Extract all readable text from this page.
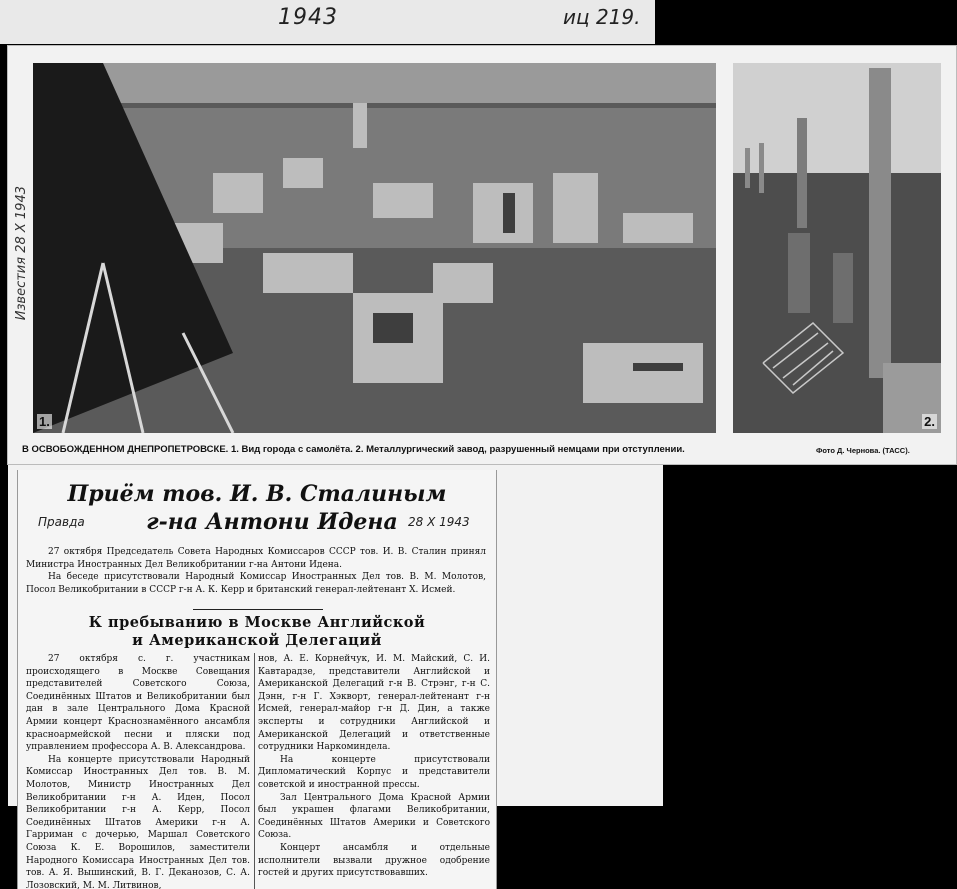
1943	иц 219.
Известия 28 X 1943
1.	2.
В ОСВОБОЖДЕННОМ ДНЕПРОПЕТРОВСКЕ. 1. Вид города с самолёта. 2. Металлургический завод, разрушенный немцами при отступлении.	Фото Д. Чернова. (ТАСС).
Приём тов. И. В. Сталиным
г-на Антони Идена
Правда	28 X 1943

27 октября Председатель Совета Народных Комиссаров СССР тов. И. В. Сталин принял Министра Иностранных Дел Великобритании г-на Антони Идена.

На беседе присутствовали Народный Комиссар Иностранных Дел тов. В. М. Молотов, Посол Великобритании в СССР г-н А. К. Керр и британский генерал-лейтенант Х. Исмей.

К пребыванию в Москве Английской
и Американской Делегаций

27 октября с. г. участникам происходящего в Москве Совещания представителей Советского Союза, Соединённых Штатов и Великобритании был дан в зале Центрального Дома Красной Армии концерт Краснознамённого ансамбля красноармейской песни и пляски под управлением профессора А. В. Александрова.

На концерте присутствовали Народный Комиссар Иностранных Дел тов. В. М. Молотов, Министр Иностранных Дел Великобритании г-н А. Иден, Посол Великобритании г-н А. Керр, Посол Соединённых Штатов Америки г-н А. Гарриман с дочерью, Маршал Советского Союза К. Е. Ворошилов, заместители Народного Комиссара Иностранных Дел тов. тов. А. Я. Вышинский, В. Г. Деканозов, С. А. Лозовский, М. М. Литвинов,

нов, А. Е. Корнейчук, И. М. Майский, С. И. Кавтарадзе, представители Английской и Американской Делегаций г-н В. Стрэнг, г-н С. Дэнн, г-н Г. Хэкворт, генерал-лейтенант г-н Исмей, генерал-майор г-н Д. Дин, а также эксперты и сотрудники Английской и Американской Делегаций и ответственные сотрудники Наркоминдела.

На концерте присутствовали Дипломатический Корпус и представители советской и иностранной прессы.

Зал Центрального Дома Красной Армии был украшен флагами Великобритании, Соединённых Штатов Америки и Советского Союза.

Концерт ансамбля и отдельные исполнители вызвали дружное одобрение гостей и других присутствовавших.
